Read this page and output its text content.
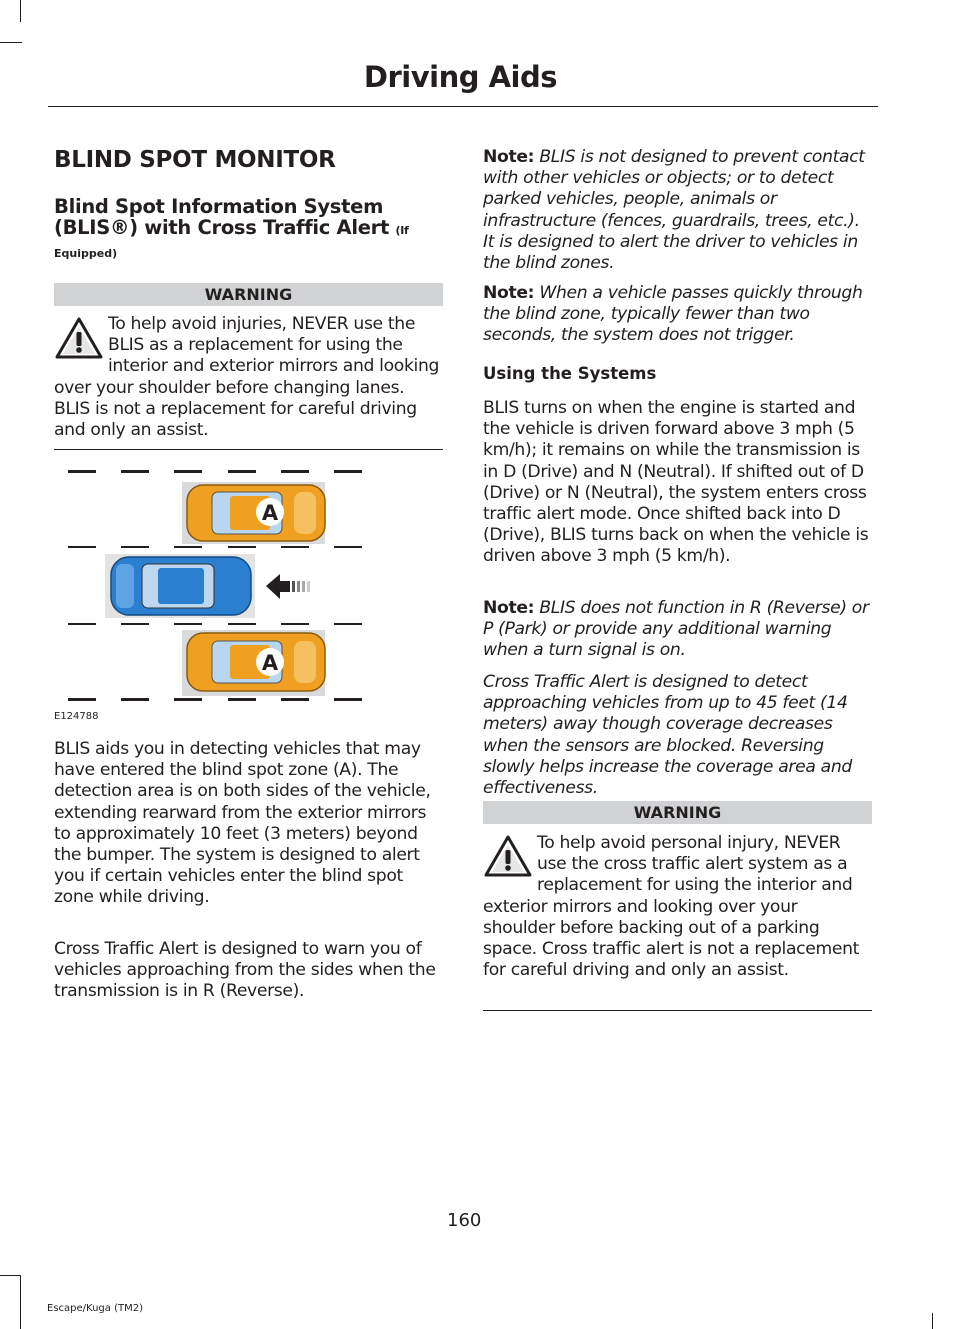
Driving Aids
BLIND SPOT MONITOR
Blind Spot Information System (BLIS®) with Cross Traffic Alert (If
Equipped)
WARNING
To help avoid injuries, NEVER use the BLIS as a replacement for using the interior and exterior mirrors and looking over your shoulder before changing lanes. BLIS is not a replacement for careful driving and only an assist.
A
A
E124788
BLIS aids you in detecting vehicles that may have entered the blind spot zone (A). The detection area is on both sides of the vehicle, extending rearward from the exterior mirrors to approximately 10 feet (3 meters) beyond the bumper. The system is designed to alert you if certain vehicles enter the blind spot zone while driving.
Cross Traffic Alert is designed to warn you of vehicles approaching from the sides when the transmission is in R (Reverse).
Note: BLIS is not designed to prevent contact with other vehicles or objects; or to detect parked vehicles, people, animals or infrastructure (fences, guardrails, trees, etc.). It is designed to alert the driver to vehicles in the blind zones.
Note: When a vehicle passes quickly through the blind zone, typically fewer than two seconds, the system does not trigger.
Using the Systems
BLIS turns on when the engine is started and the vehicle is driven forward above 3 mph (5 km/h); it remains on while the transmission is in D (Drive) and N (Neutral). If shifted out of D (Drive) or N (Neutral), the system enters cross traffic alert mode. Once shifted back into D (Drive), BLIS turns back on when the vehicle is driven above 3 mph (5 km/h).
Note: BLIS does not function in R (Reverse) or P (Park) or provide any additional warning when a turn signal is on.
Cross Traffic Alert is designed to detect approaching vehicles from up to 45 feet (14 meters) away though coverage decreases when the sensors are blocked. Reversing slowly helps increase the coverage area and effectiveness.
WARNING
To help avoid personal injury, NEVER use the cross traffic alert system as a replacement for using the interior and exterior mirrors and looking over your shoulder before backing out of a parking space. Cross traffic alert is not a replacement for careful driving and only an assist.
160
Escape/Kuga (TM2)
